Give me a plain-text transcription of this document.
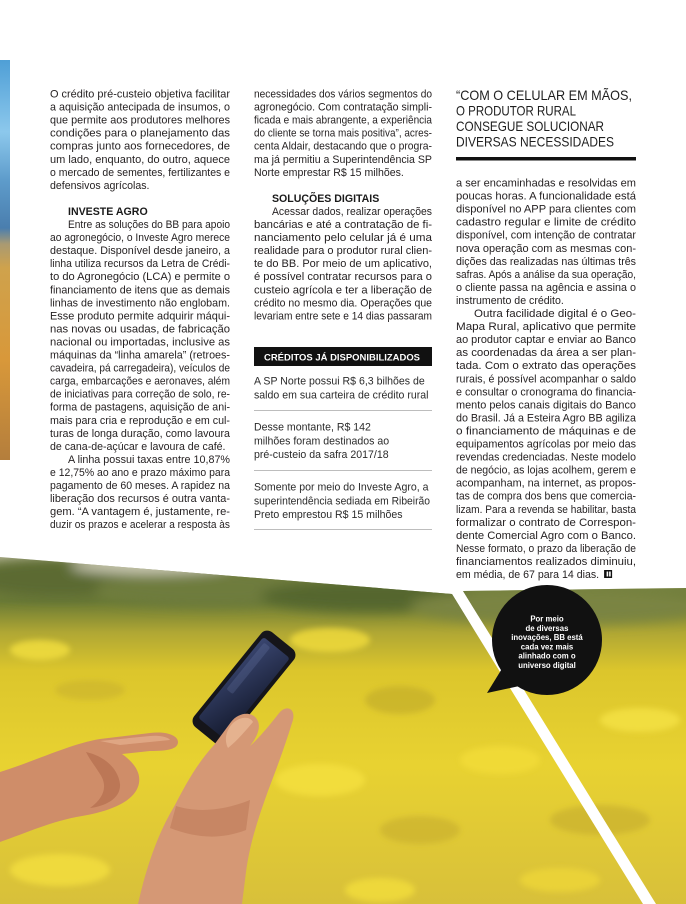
Por meio
de diversas
inovações, BB está
cada vez mais
alinhado com o
universo digital
“COM O CELULAR EM MÃOS,
O PRODUTOR RURAL
CONSEGUE SOLUCIONAR
DIVERSAS NECESSIDADES
CRÉDITOS JÁ DISPONIBILIZADOS
A SP Norte possui R$ 6,3 bilhões de
saldo em sua carteira de crédito rural
Desse montante, R$ 142
milhões foram destinados ao
pré-custeio da safra 2017/18
Somente por meio do Investe Agro, a
superintendência sediada em Ribeirão
Preto emprestou R$ 15 milhões
O crédito pré-custeio objetiva facilitar
a aquisição antecipada de insumos, o
que permite aos produtores melhores
condições para o planejamento das
compras junto aos fornecedores, de
um lado, enquanto, do outro, aquece
o mercado de sementes, fertilizantes e
defensivos agrícolas.
INVESTE AGRO
Entre as soluções do BB para apoio
ao agronegócio, o Investe Agro merece
destaque. Disponível desde janeiro, a
linha utiliza recursos da Letra de Crédi-
to do Agronegócio (LCA) e permite o
financiamento de itens que as demais
linhas de investimento não englobam.
Esse produto permite adquirir máqui-
nas novas ou usadas, de fabricação
nacional ou importadas, inclusive as
máquinas da “linha amarela” (retroes-
cavadeira, pá carregadeira), veículos de
carga, embarcações e aeronaves, além
de iniciativas para correção de solo, re-
forma de pastagens, aquisição de ani-
mais para cria e reprodução e em cul-
turas de longa duração, como lavoura
de cana-de-açúcar e lavoura de café.
A linha possui taxas entre 10,87%
e 12,75% ao ano e prazo máximo para
pagamento de 60 meses. A rapidez na
liberação dos recursos é outra vanta-
gem. “A vantagem é, justamente, re-
duzir os prazos e acelerar a resposta às
necessidades dos vários segmentos do
agronegócio. Com contratação simpli-
ficada e mais abrangente, a experiência
do cliente se torna mais positiva”, acres-
centa Aldair, destacando que o progra-
ma já permitiu a Superintendência SP
Norte emprestar R$ 15 milhões.
SOLUÇÕES DIGITAIS
Acessar dados, realizar operações
bancárias e até a contratação de fi-
nanciamento pelo celular já é uma
realidade para o produtor rural clien-
te do BB. Por meio de um aplicativo,
é possível contratar recursos para o
custeio agrícola e ter a liberação de
crédito no mesmo dia. Operações que
levariam entre sete e 14 dias passaram
a ser encaminhadas e resolvidas em
poucas horas. A funcionalidade está
disponível no APP para clientes com
cadastro regular e limite de crédito
disponível, com intenção de contratar
nova operação com as mesmas con-
dições das realizadas nas últimas três
safras. Após a análise da sua operação,
o cliente passa na agência e assina o
instrumento de crédito.
Outra facilidade digital é o Geo-
Mapa Rural, aplicativo que permite
ao produtor captar e enviar ao Banco
as coordenadas da área a ser plan-
tada. Com o extrato das operações
rurais, é possível acompanhar o saldo
e consultar o cronograma do financia-
mento pelos canais digitais do Banco
do Brasil. Já a Esteira Agro BB agiliza
o financiamento de máquinas e de
equipamentos agrícolas por meio das
revendas credenciadas. Neste modelo
de negócio, as lojas acolhem, gerem e
acompanham, na internet, as propos-
tas de compra dos bens que comercia-
lizam. Para a revenda se habilitar, basta
formalizar o contrato de Correspon-
dente Comercial Agro com o Banco.
Nesse formato, o prazo da liberação de
financiamentos realizados diminuiu,
em média, de 67 para 14 dias.
